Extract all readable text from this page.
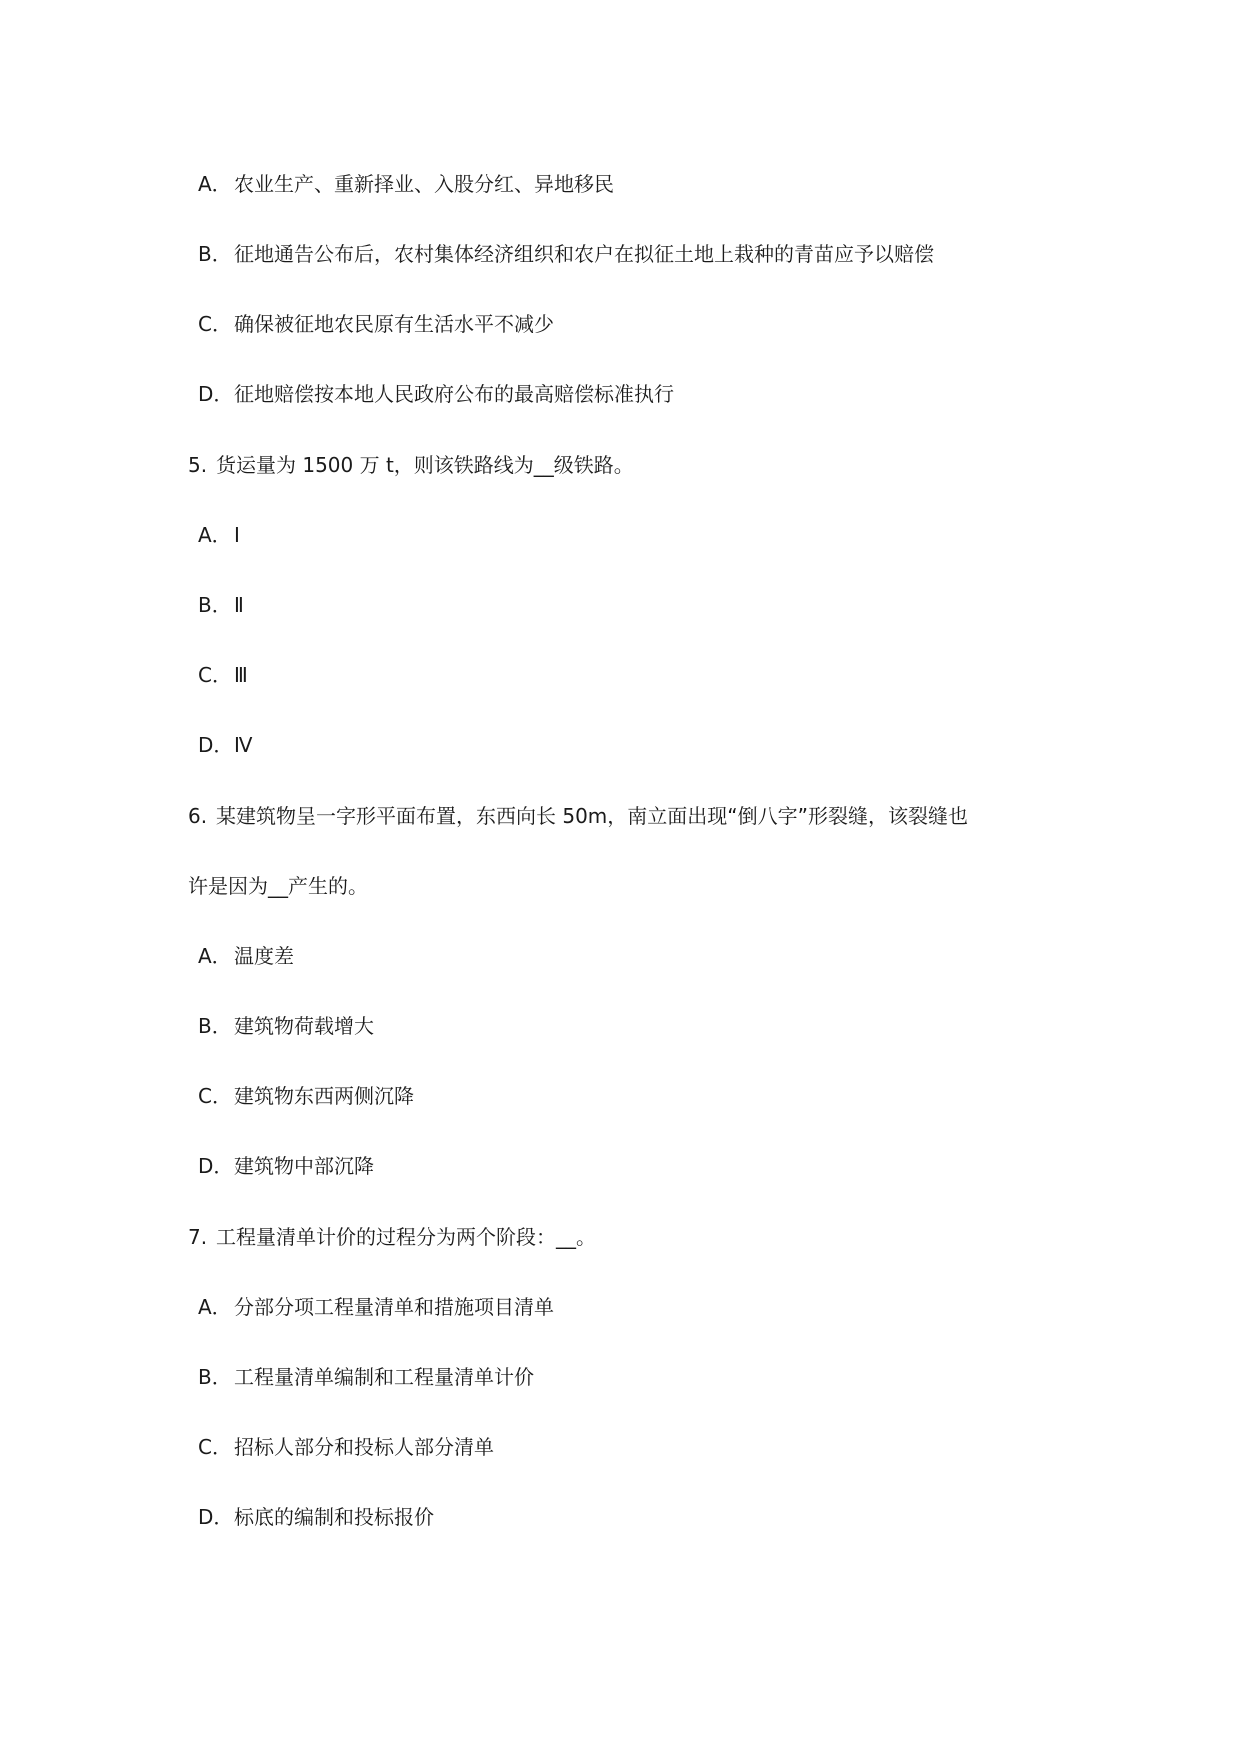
A． 农业生产、重新择业、入股分红、异地移民
B． 征地通告公布后，农村集体经济组织和农户在拟征土地上栽种的青苗应予以赔偿
C． 确保被征地农民原有生活水平不减少
D．征地赔偿按本地人民政府公布的最高赔偿标准执行
5. 货运量为 1500 万 t，则该铁路线为__级铁路。
A． Ⅰ
B． Ⅱ
C． Ⅲ
D．Ⅳ
6. 某建筑物呈一字形平面布置，东西向长 50m，南立面出现“倒八字”形裂缝，该裂缝也
许是因为__产生的。
A． 温度差
B． 建筑物荷载增大
C． 建筑物东西两侧沉降
D．建筑物中部沉降
7. 工程量清单计价的过程分为两个阶段：__。
A． 分部分项工程量清单和措施项目清单
B． 工程量清单编制和工程量清单计价
C． 招标人部分和投标人部分清单
D．标底的编制和投标报价
